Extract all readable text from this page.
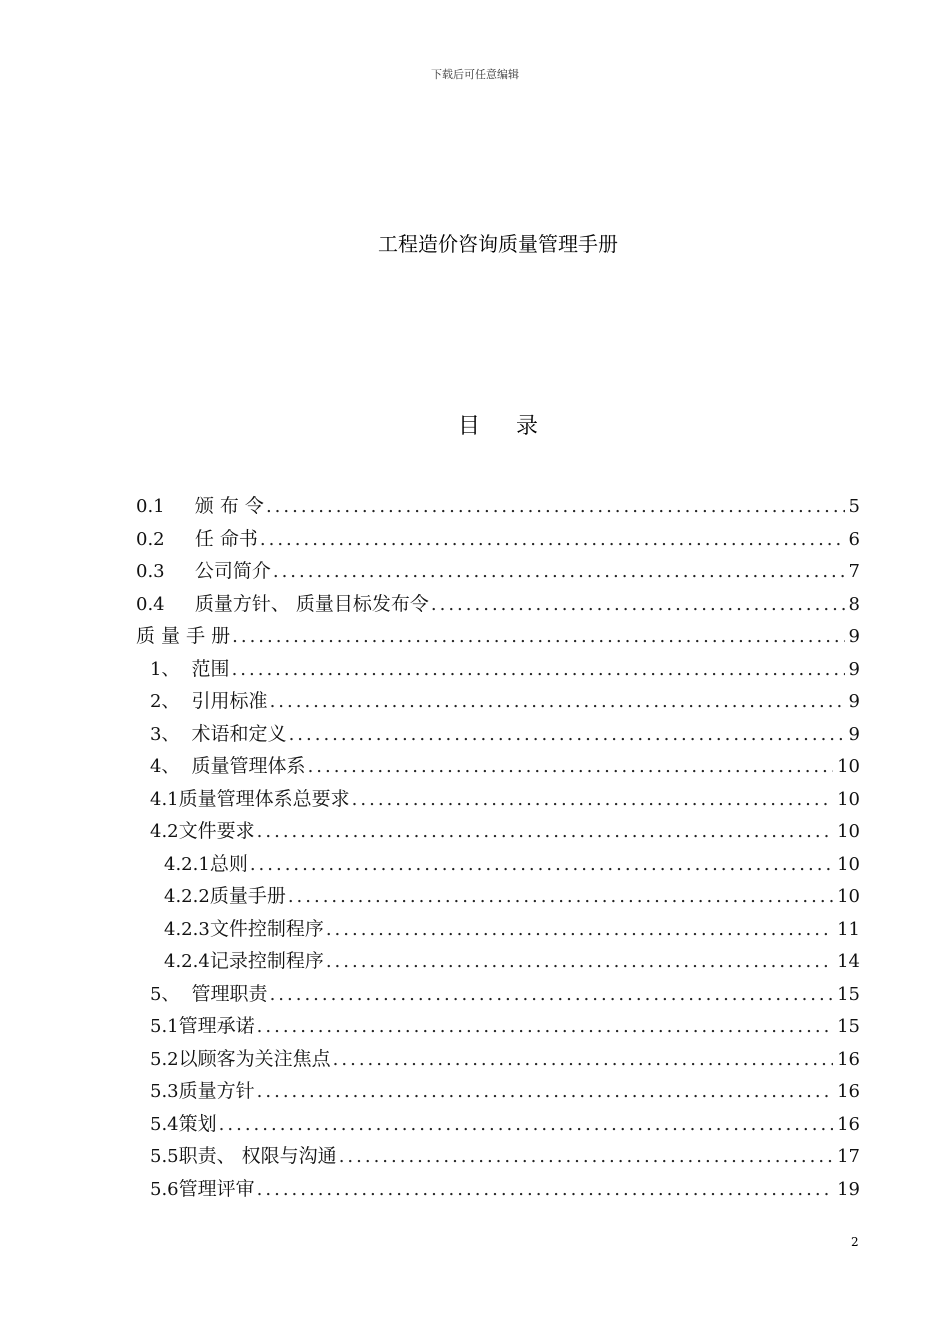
下载后可任意编辑
工程造价咨询质量管理手册
目录
0.1 颁 布 令 .....	5
0.2 任 命书 .....	6
0.3 公司简介 .....	7
0.4 质量方针、 质量目标发布令 .....	8
质 量 手 册 .....	9
1、 范围 .....	9
2、 引用标准 .....	9
3、 术语和定义 .....	9
4、 质量管理体系 .....	10
4.1质量管理体系总要求 .....	10
4.2文件要求 .....	10
4.2.1总则 .....	10
4.2.2质量手册 .....	10
4.2.3文件控制程序 .....	11
4.2.4记录控制程序 .....	14
5、 管理职责 .....	15
5.1管理承诺 .....	15
5.2以顾客为关注焦点 .....	16
5.3质量方针 .....	16
5.4策划 .....	16
5.5职责、 权限与沟通 .....	17
5.6管理评审 .....	19
2
